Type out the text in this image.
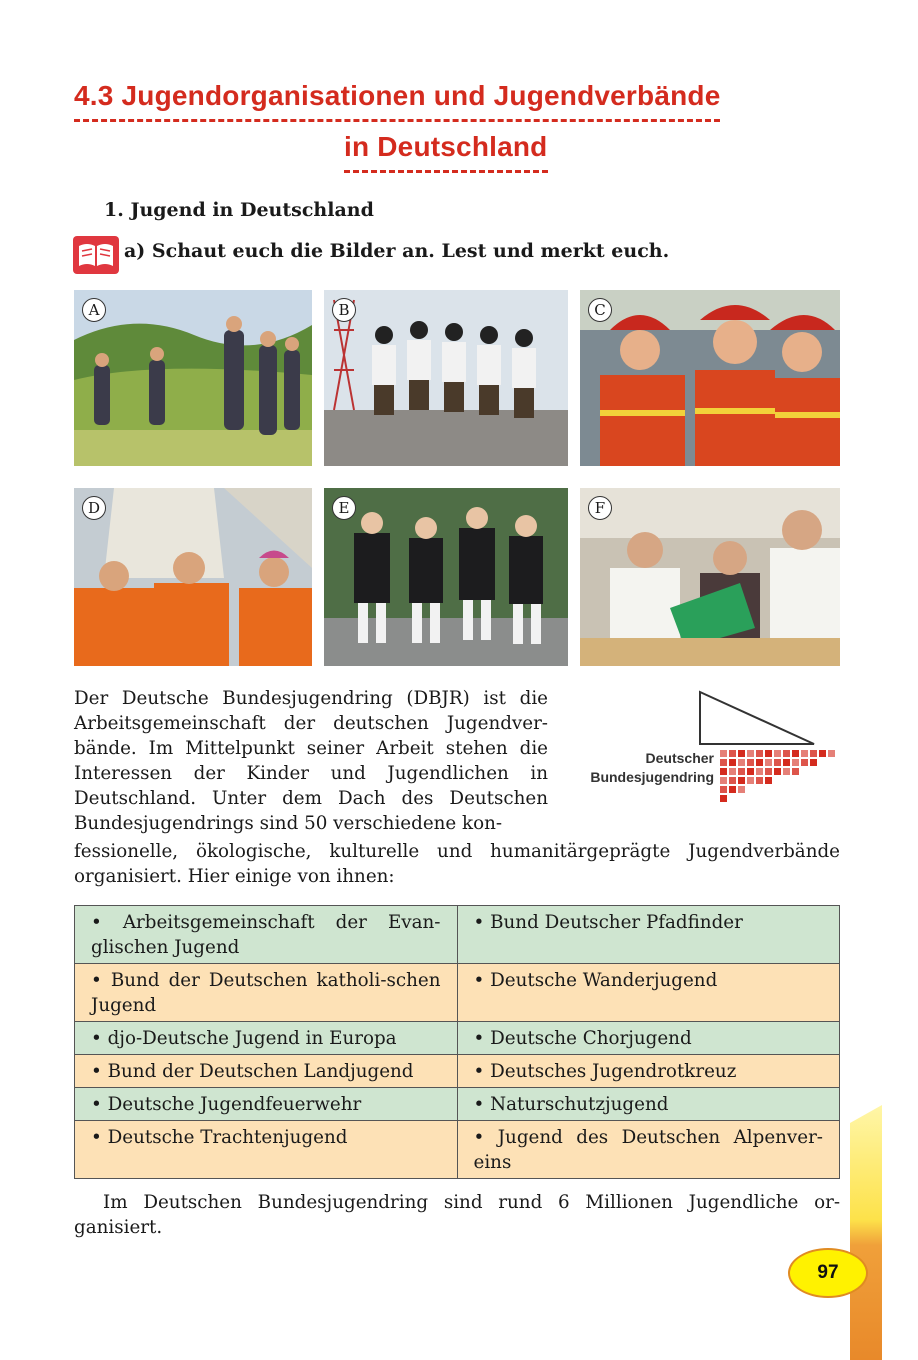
4.3 Jugendorganisationen und Jugendverbände
in Deutschland
1. Jugend in Deutschland
a) Schaut euch die Bilder an. Lest und merkt euch.
A	B	C
D	E	F
Der Deutsche Bundesjugendring (DBJR) ist die
Arbeitsgemeinschaft der deutschen Jugendver-
bände. Im Mittelpunkt seiner Arbeit stehen die
Interessen der Kinder und Jugendlichen in
Deutschland. Unter dem Dach des Deutschen
Bundesjugendrings sind 50 verschiedene kon-
fessionelle, ökologische, kulturelle und humanitärgeprägte Jugendverbände organisiert. Hier einige von ihnen:
Deutscher
Bundesjugendring
• Arbeitsgemeinschaft der Evan-glischen Jugend	• Bund Deutscher Pfadfinder

• Bund der Deutschen katholi-schen Jugend	• Deutsche Wanderjugend

• djo-Deutsche Jugend in Europa	• Deutsche Chorjugend

• Bund der Deutschen Landjugend	• Deutsches Jugendrotkreuz

• Deutsche Jugendfeuerwehr	• Naturschutzjugend

• Deutsche Trachtenjugend	• Jugend des Deutschen Alpenver-eins
Im Deutschen Bundesjugendring sind rund 6 Millionen Jugendliche or-ganisiert.
97
